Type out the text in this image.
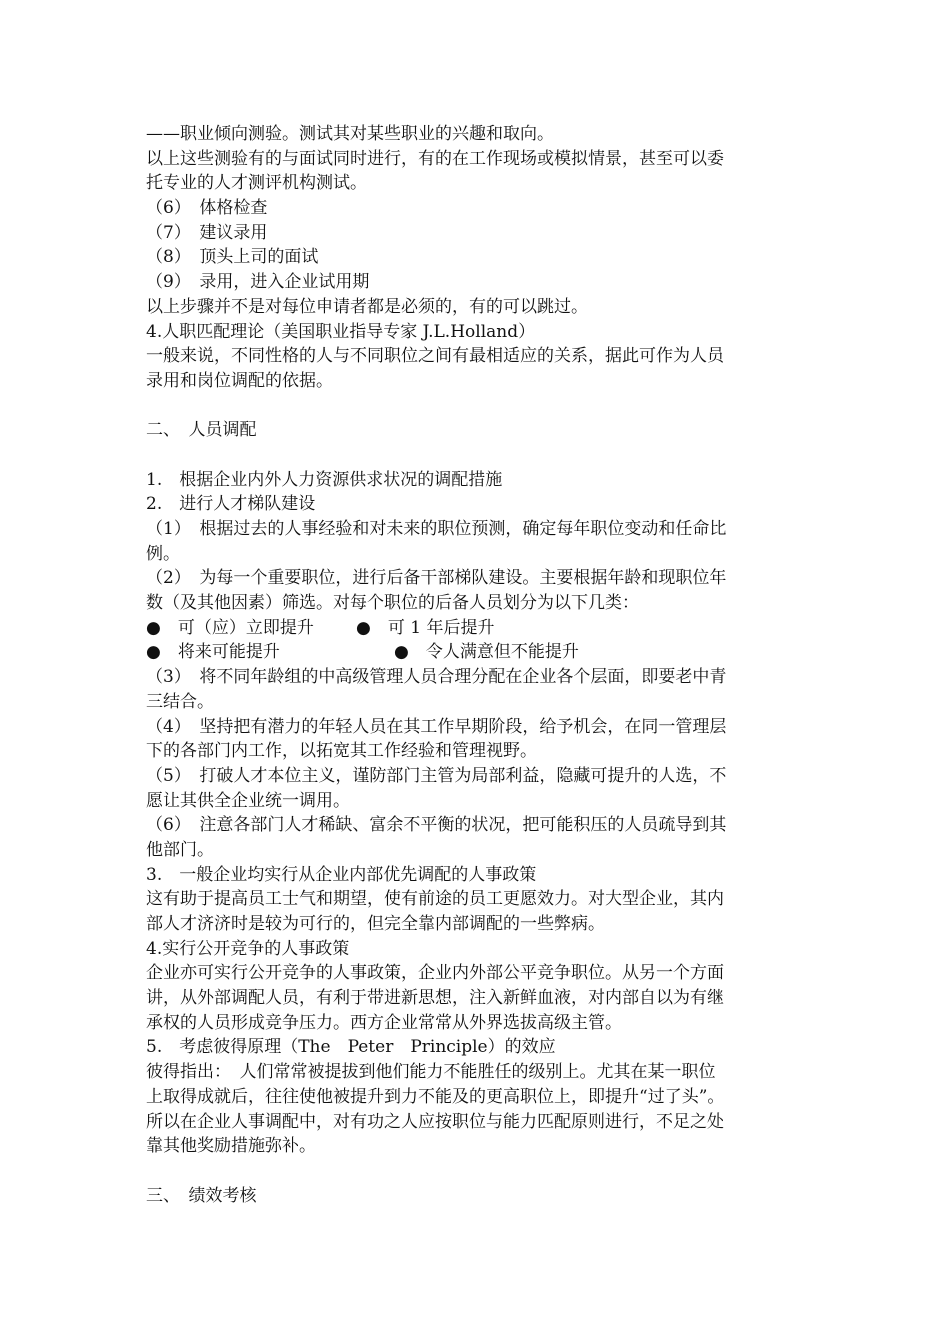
——职业倾向测验。测试其对某些职业的兴趣和取向。
以上这些测验有的与面试同时进行，有的在工作现场或模拟情景，甚至可以委
托专业的人才测评机构测试。
（6）　体格检查
（7）　建议录用
（8）　顶头上司的面试
（9）　录用，进入企业试用期
以上步骤并不是对每位申请者都是必须的，有的可以跳过。
4.人职匹配理论（美国职业指导专家 J.L.Holland）
一般来说，不同性格的人与不同职位之间有最相适应的关系，据此可作为人员
录用和岗位调配的依据。
二、　人员调配
1.　根据企业内外人力资源供求状况的调配措施
2.　进行人才梯队建设
（1）　根据过去的人事经验和对未来的职位预测，确定每年职位变动和任命比
例。
（2）　为每一个重要职位，进行后备干部梯队建设。主要根据年龄和现职位年
数（及其他因素）筛选。对每个职位的后备人员划分为以下几类：

●　可（应）立即提升

●　可 1 年后提升

●　将来可能提升

	●　令人满意但不能提升

（3）　将不同年龄组的中高级管理人员合理分配在企业各个层面，即要老中青
三结合。
（4）　坚持把有潜力的年轻人员在其工作早期阶段，给予机会，在同一管理层
下的各部门内工作，以拓宽其工作经验和管理视野。
（5）　打破人才本位主义，谨防部门主管为局部利益，隐藏可提升的人选，不
愿让其供全企业统一调用。
（6）　注意各部门人才稀缺、富余不平衡的状况，把可能积压的人员疏导到其
他部门。
3.　一般企业均实行从企业内部优先调配的人事政策
这有助于提高员工士气和期望，使有前途的员工更愿效力。对大型企业，其内
部人才济济时是较为可行的，但完全靠内部调配的一些弊病。
4.实行公开竞争的人事政策
企业亦可实行公开竞争的人事政策，企业内外部公平竞争职位。从另一个方面
讲，从外部调配人员，有利于带进新思想，注入新鲜血液，对内部自以为有继
承权的人员形成竞争压力。西方企业常常从外界选拔高级主管。
5.　考虑彼得原理（The　Peter　Principle）的效应
彼得指出：　人们常常被提拔到他们能力不能胜任的级别上。尤其在某一职位
上取得成就后，往往使他被提升到力不能及的更高职位上，即提升“过了头”。
所以在企业人事调配中，对有功之人应按职位与能力匹配原则进行，不足之处
靠其他奖励措施弥补。
三、　绩效考核
